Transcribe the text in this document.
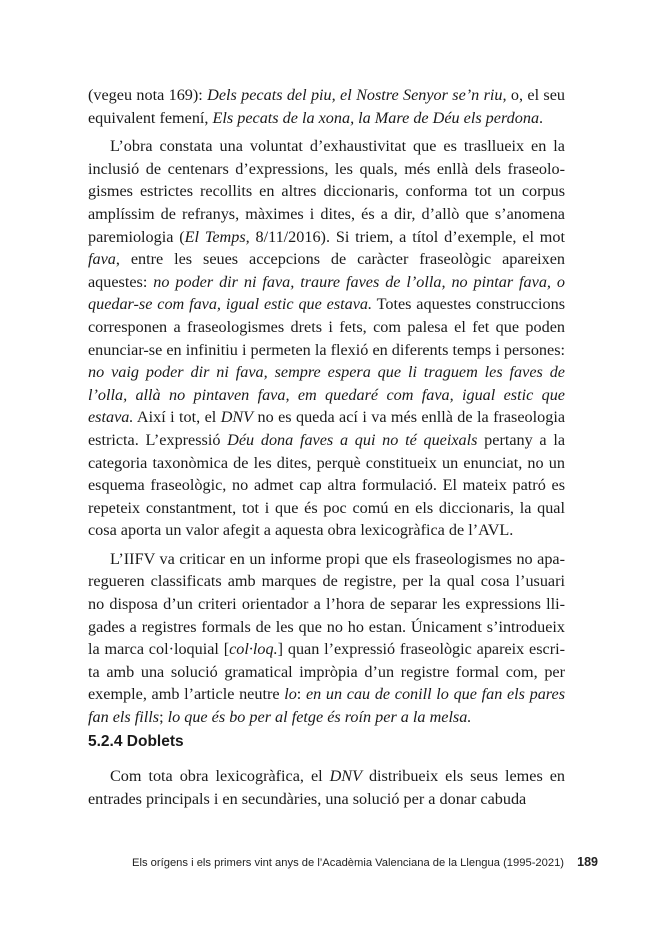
(vegeu nota 169): Dels pecats del piu, el Nostre Senyor se’n riu, o, el seu equivalent femení, Els pecats de la xona, la Mare de Déu els perdona.

L’obra constata una voluntat d’exhaustivitat que es traslluеix en la inclusió de centenars d’expressions, les quals, més enllà dels fraseologismes estrictes recollits en altres diccionaris, conforma tot un corpus amplíssim de refranys, màximes i dites, és a dir, d’allò que s’anomena paremiologia (El Temps, 8/11/2016). Si triem, a títol d’exemple, el mot fava, entre les seues accepcions de caràcter fraseològic apareixen aquestes: no poder dir ni fava, traure faves de l’olla, no pintar fava, o quedar-se com fava, igual estic que estava. Totes aquestes construccions corresponen a fraseologismes drets i fets, com palesa el fet que poden enunciar-se en infinitiu i permeten la flexió en diferents temps i persones: no vaig poder dir ni fava, sempre espera que li traguem les faves de l’olla, allà no pintaven fava, em quedaré com fava, igual estic que estava. Així i tot, el DNV no es queda ací i va més enllà de la fraseologia estricta. L’expressió Déu dona faves a qui no té queixals pertany a la categoria taxonòmica de les dites, perquè constitueix un enunciat, no un esquema fraseològic, no admet cap altra formulació. El mateix patró es repeteix constantment, tot i que és poc comú en els diccionaris, la qual cosa aporta un valor afegit a aquesta obra lexicogràfica de l’AVL.

L’IIFV va criticar en un informe propi que els fraseologismes no aparegueren classificats amb marques de registre, per la qual cosa l’usuari no disposa d’un criteri orientador a l’hora de separar les expressions lligades a registres formals de les que no ho estan. Únicament s’introdueix la marca col·loquial [col·loq.] quan l’expressió fraseològic apareix escrita amb una solució gramatical impròpia d’un registre formal com, per exemple, amb l’article neutre lo: en un cau de conill lo que fan els pares fan els fills; lo que és bo per al fetge és roín per a la melsa.

5.2.4 Doblets

Com tota obra lexicogràfica, el DNV distribueix els seus lemes en entrades principals i en secundàries, una solució per a donar cabuda

Els orígens i els primers vint anys de l’Acadèmia Valenciana de la Llengua (1995-2021) 189
